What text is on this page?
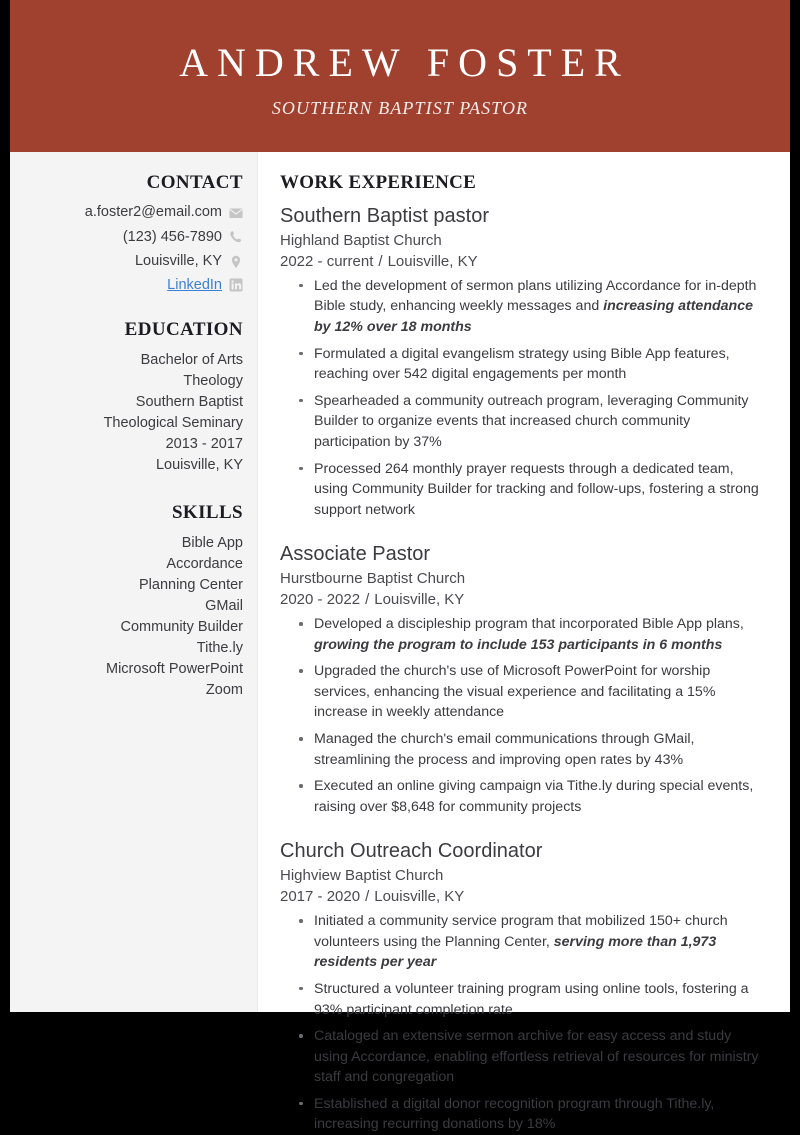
ANDREW FOSTER
SOUTHERN BAPTIST PASTOR
CONTACT
a.foster2@email.com
(123) 456-7890
Louisville, KY
LinkedIn
EDUCATION
Bachelor of Arts
Theology
Southern Baptist
Theological Seminary
2013 - 2017
Louisville, KY
SKILLS
Bible App
Accordance
Planning Center
GMail
Community Builder
Tithe.ly
Microsoft PowerPoint
Zoom
WORK EXPERIENCE
Southern Baptist pastor
Highland Baptist Church
2022 - current / Louisville, KY
Led the development of sermon plans utilizing Accordance for in-depth Bible study, enhancing weekly messages and increasing attendance by 12% over 18 months
Formulated a digital evangelism strategy using Bible App features, reaching over 542 digital engagements per month
Spearheaded a community outreach program, leveraging Community Builder to organize events that increased church community participation by 37%
Processed 264 monthly prayer requests through a dedicated team, using Community Builder for tracking and follow-ups, fostering a strong support network
Associate Pastor
Hurstbourne Baptist Church
2020 - 2022 / Louisville, KY
Developed a discipleship program that incorporated Bible App plans, growing the program to include 153 participants in 6 months
Upgraded the church's use of Microsoft PowerPoint for worship services, enhancing the visual experience and facilitating a 15% increase in weekly attendance
Managed the church's email communications through GMail, streamlining the process and improving open rates by 43%
Executed an online giving campaign via Tithe.ly during special events, raising over $8,648 for community projects
Church Outreach Coordinator
Highview Baptist Church
2017 - 2020 / Louisville, KY
Initiated a community service program that mobilized 150+ church volunteers using the Planning Center, serving more than 1,973 residents per year
Structured a volunteer training program using online tools, fostering a 93% participant completion rate
Cataloged an extensive sermon archive for easy access and study using Accordance, enabling effortless retrieval of resources for ministry staff and congregation
Established a digital donor recognition program through Tithe.ly, increasing recurring donations by 18%
